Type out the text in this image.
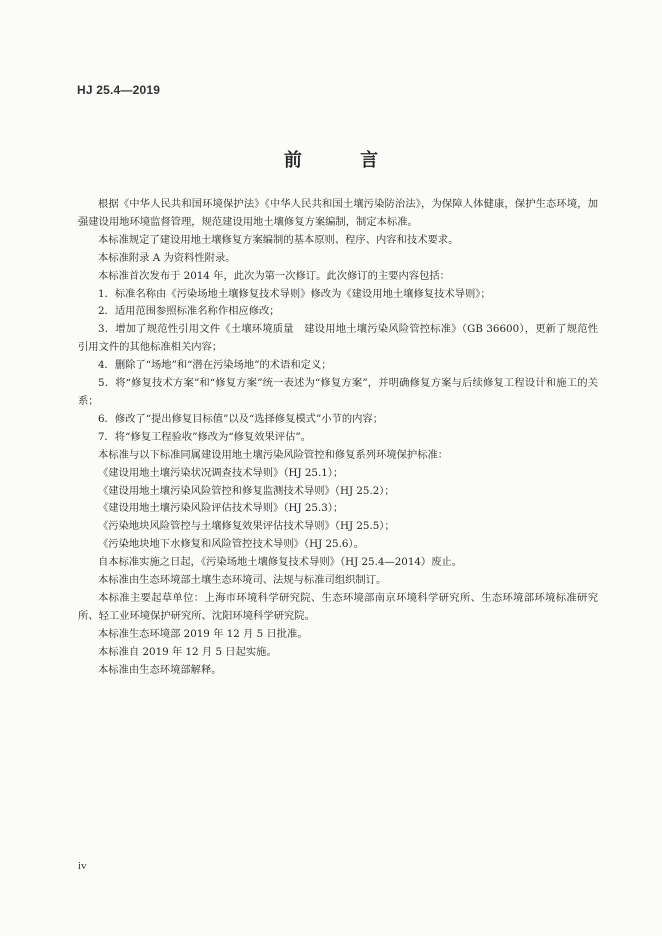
HJ 25.4—2019
前 言

根据《中华人民共和国环境保护法》《中华人民共和国土壤污染防治法》，为保障人体健康，保护生态环境，加强建设用地环境监督管理，规范建设用地土壤修复方案编制，制定本标准。

本标准规定了建设用地土壤修复方案编制的基本原则、程序、内容和技术要求。

本标准附录 A 为资料性附录。

本标准首次发布于 2014 年，此次为第一次修订。此次修订的主要内容包括：

1．标准名称由《污染场地土壤修复技术导则》修改为《建设用地土壤修复技术导则》；

2．适用范围参照标准名称作相应修改；

3．增加了规范性引用文件《土壤环境质量　建设用地土壤污染风险管控标准》（GB 36600），更新了规范性引用文件的其他标准相关内容；

4．删除了“场地”和“潜在污染场地”的术语和定义；

5．将“修复技术方案”和“修复方案”统一表述为“修复方案”，并明确修复方案与后续修复工程设计和施工的关系；

6．修改了“提出修复目标值”以及“选择修复模式”小节的内容；

7．将“修复工程验收”修改为“修复效果评估”。

本标准与以下标准同属建设用地土壤污染风险管控和修复系列环境保护标准：

《建设用地土壤污染状况调查技术导则》（HJ 25.1）；

《建设用地土壤污染风险管控和修复监测技术导则》（HJ 25.2）；

《建设用地土壤污染风险评估技术导则》（HJ 25.3）；

《污染地块风险管控与土壤修复效果评估技术导则》（HJ 25.5）；

《污染地块地下水修复和风险管控技术导则》（HJ 25.6）。

自本标准实施之日起，《污染场地土壤修复技术导则》（HJ 25.4—2014）废止。

本标准由生态环境部土壤生态环境司、法规与标准司组织制订。

本标准主要起草单位：上海市环境科学研究院、生态环境部南京环境科学研究所、生态环境部环境标准研究所、轻工业环境保护研究所、沈阳环境科学研究院。

本标准生态环境部 2019 年 12 月 5 日批准。

本标准自 2019 年 12 月 5 日起实施。

本标准由生态环境部解释。

iv
